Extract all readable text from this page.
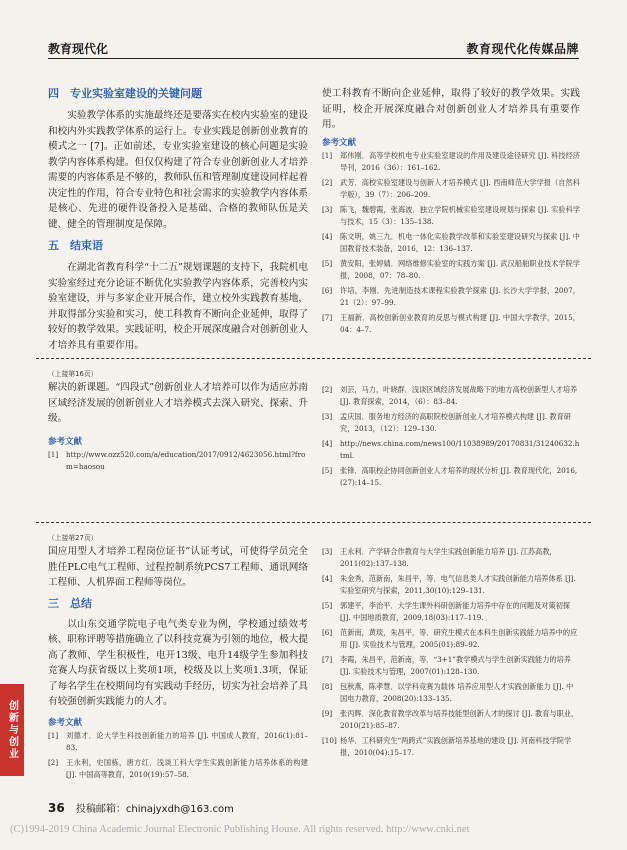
教育现代化	教育现代化传媒品牌
四　专业实验室建设的关键问题
实验教学体系的实施最终还是要落实在校内实验室的建设和校内外实践教学体系的运行上。专业实践是创新创业教育的模式之一 [7]。正如前述，专业实验室建设的核心问题是实验教学内容体系构建。但仅仅构建了符合专业创新创业人才培养需要的内容体系是不够的，教师队伍和管理制度建设同样起着决定性的作用，符合专业特色和社会需求的实验教学内容体系是核心、先进的硬件设备投入是基础、合格的教师队伍是关键、健全的管理制度是保障。
五　结束语
在湖北省教育科学“十二五”规划课题的支持下，我院机电实验室经过充分论证不断优化实验教学内容体系，完善校内实验室建设，并与多家企业开展合作，建立校外实践教育基地，并取得部分实验和实习，使工科教育不断向企业延伸，取得了较好的教学效果。实践证明，校企开展深度融合对创新创业人才培养具有重要作用。
使工科教育不断向企业延伸，取得了较好的教学效果。实践证明，校企开展深度融合对创新创业人才培养具有重要作用。
参考文献
[1]	郑伟刚．高等学校机电专业实验室建设的作用及建设途径研究 [J]. 科技经济导刊，2016（36）：161–162.
[2]	武芳．高校实验室建设与创新人才培养模式 [J]. 西南师范大学学报（自然科学版），39（7）：206–209.
[3]	陈飞，魏碧霞，张海波．独立学院机械实验室建设规划与探索 [J]. 实验科学与技术，15（3）：135–138.
[4]	陈文明，姚三九．机电一体化实验教学改革和实验室建设研究与探索 [J]. 中国教育技术装备，2016，12：136–137.
[5]	黄安阳，张婷婧．网络维修实验室的实践方案 [J]. 武汉船舶职业技术学院学报，2008，07：78–80.
[6]	许培，李刚．先进制造技术课程实验教学探索 [J]. 长沙大学学报，2007，21（2）：97–99.
[7]	王福新．高校创新创业教育的反思与模式构建 [J]. 中国大学教学，2015，04：4–7.
（上接第16页）
解决的新课题。“四段式”创新创业人才培养可以作为适应苏南区域经济发展的创新创业人才培养模式去深入研究、探索、升级。
参考文献
[1]	http://www.ozz520.com/a/education/2017/0912/4623056.html?from=haosou
[2]	刘芸，马力，叶晓群．浅谈区域经济发展战略下的地方高校创新型人才培养 [J]. 教育探索，2014，（6）：83–84.
[3]	孟庆国．服务地方经济的高职院校创新创业人才培养模式构建 [J]. 教育研究，2013，（12）：129–130.
[4]	http://news.china.com/news100/11038989/20170831/31240632.html.
[5]	张锋．高职校企协同创新创业人才培养的现状分析 [J]. 教育现代化，2016,(27):14–15.
（上接第27页）
国应用型人才培养工程岗位证书”认证考试，可使得学员完全胜任PLC电气工程师、过程控制系统PCS7工程师、通讯网络工程师、人机界面工程师等岗位。
三　总结
以山东交通学院电子电气类专业为例，学校通过绩效考核、职称评聘等措施确立了以科技竞赛为引领的地位，极大提高了教师、学生积极性，电开13级、电升14级学生参加科技竞赛人均获省级以上奖项1项，校级及以上奖项1.3项，保证了每名学生在校期间均有实践动手经历，切实为社会培养了具有较强创新实践能力的人才。
参考文献
[1]	刘德才．论大学生科技创新能力的培养 [J]. 中国成人教育，2016(1):81–83.
[2]	王永利，史国栋，唐方红．浅谈工科大学生实践创新能力培养体系的构建 [J]. 中国高等教育，2010(19):57–58.
[3]	王永利．产学研合作教育与大学生实践创新能力培养 [J]. 江苏高教，2011(02):137–138.
[4]	朱金秀，范新南，朱昌平，等．电气信息类人才实践创新能力培养体系 [J]. 实验室研究与探索，2011,30(10):129–131.
[5]	郭建平，李治平．大学生课外科研创新能力培养中存在的问题及对策初探 [J]. 中国地质教育，2009,18(03):117–119.
[6]	范新南，黄琰，朱昌平，等．研究生模式在本科生创新实践能力培养中的应用 [J]. 实验技术与管理，2005(01):89–92.
[7]	李霞，朱昌平，范新南，等．“3+1”教学模式与学生创新实践能力的培养 [J]. 实验技术与管理，2007(01):128–130.
[8]	包秋燕，陈孝慧．以学科竞赛为载体 培养应用型人才实践创新能力 [J]. 中国电力教育，2008(20):133–135.
[9]	张丙辉．深化教育教学改革与培养技能型创新人才的探讨 [J]. 教育与职业，2010(21):85–87.
[10] 杨华．工科研究生“两跨式”实践创新培养基地的建设 [J]. 河南科技学院学报，2010(04):15–17.
创新与创业
36 投稿邮箱：chinajyxdh@163.com
(C)1994-2019 China Academic Journal Electronic Publishing House. All rights reserved. http://www.cnki.net
